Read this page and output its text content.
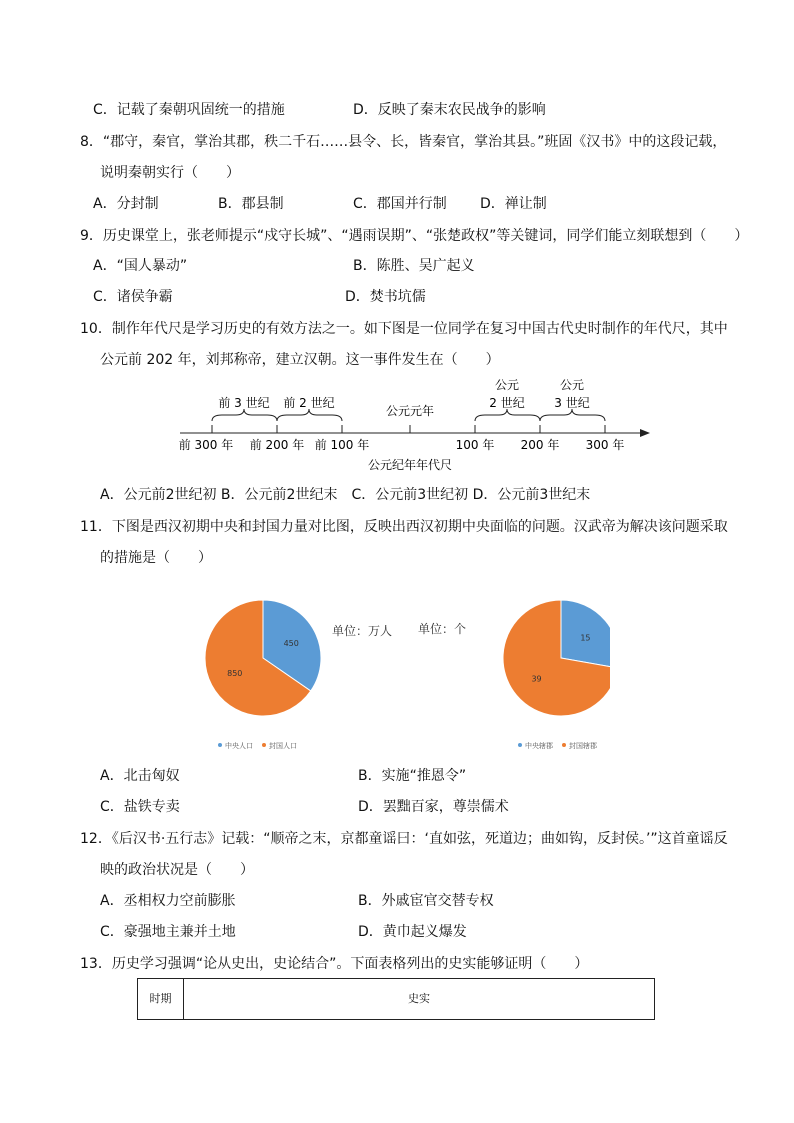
C．记载了秦朝巩固统一的措施	D．反映了秦末农民战争的影响
8．“郡守，秦官，掌治其郡，秩二千石……县令、长，皆秦官，掌治其县。”班固《汉书》中的这段记载，
说明秦朝实行（　　）
A．分封制	B．郡县制	C．郡国并行制 D．禅让制
9．历史课堂上，张老师提示“戍守长城”、“遇雨误期”、“张楚政权”等关键词，同学们能立刻联想到（　　）
A．“国人暴动”	B．陈胜、吴广起义
C．诸侯争霸	D．焚书坑儒
10．制作年代尺是学习历史的有效方法之一。如下图是一位同学在复习中国古代史时制作的年代尺，其中
公元前 202 年，刘邦称帝，建立汉朝。这一事件发生在（　　）
前 3 世纪 前 2 世纪
公元
2 世纪
公元
3 世纪
公元元年
前 300 年 前 200 年 前 100 年	100 年 200 年 300 年
公元纪年年代尺
A．公元前2世纪初 B．公元前2世纪末　C．公元前3世纪初 D．公元前3世纪末
11．下图是西汉初期中央和封国力量对比图，反映出西汉初期中央面临的问题。汉武帝为解决该问题采取
的措施是（　　）
单位：万人 单位：个
450
850
中央人口 封国人口
15
39
中央辖郡 封国辖郡
A．北击匈奴	B．实施“推恩令”
C．盐铁专卖	D．罢黜百家，尊崇儒术
12．《后汉书·五行志》记载：“顺帝之末，京都童谣曰：‘直如弦，死道边；曲如钩，反封侯。’”这首童谣反
映的政治状况是（　　）
A．丞相权力空前膨胀	B．外戚宦官交替专权
C．豪强地主兼并土地	D．黄巾起义爆发
13．历史学习强调“论从史出，史论结合”。下面表格列出的史实能够证明（　　）
时期	史实
